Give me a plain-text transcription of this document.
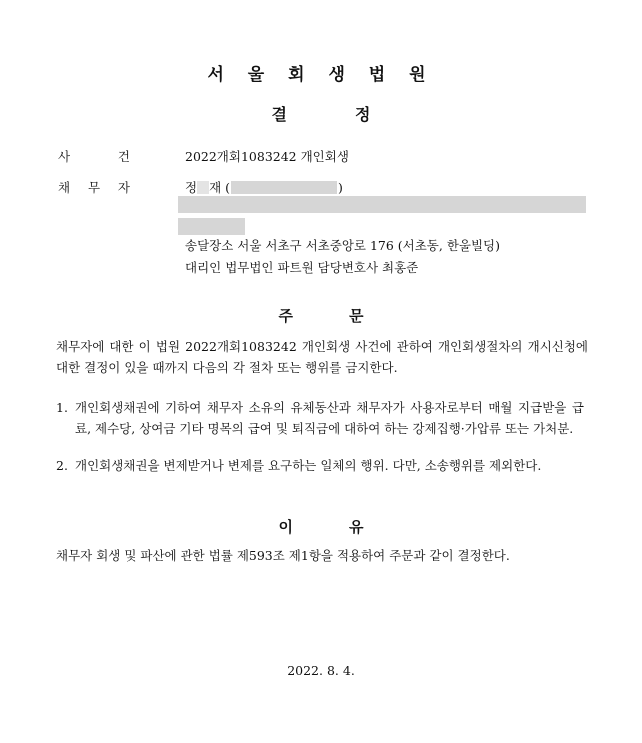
서 울 회 생 법 원
결	정
사	건	2022개회1083242 개인회생
채 무 자	정 재 (	)
송달장소 서울 서초구 서초중앙로 176 (서초동, 한울빌딩)
대리인 법무법인 파트원 담당변호사 최홍준
주	문
채무자에 대한 이 법원 2022개회1083242 개인회생 사건에 관하여 개인회생절차의 개시신청에 대한 결정이 있을 때까지 다음의 각 절차 또는 행위를 금지한다.
1. 개인회생채권에 기하여 채무자 소유의 유체동산과 채무자가 사용자로부터 매월 지급받을 급료, 제수당, 상여금 기타 명목의 급여 및 퇴직금에 대하여 하는 강제집행·가압류 또는 가처분.
2. 개인회생채권을 변제받거나 변제를 요구하는 일체의 행위. 다만, 소송행위를 제외한다.
이	유
채무자 회생 및 파산에 관한 법률 제593조 제1항을 적용하여 주문과 같이 결정한다.
2022. 8. 4.
